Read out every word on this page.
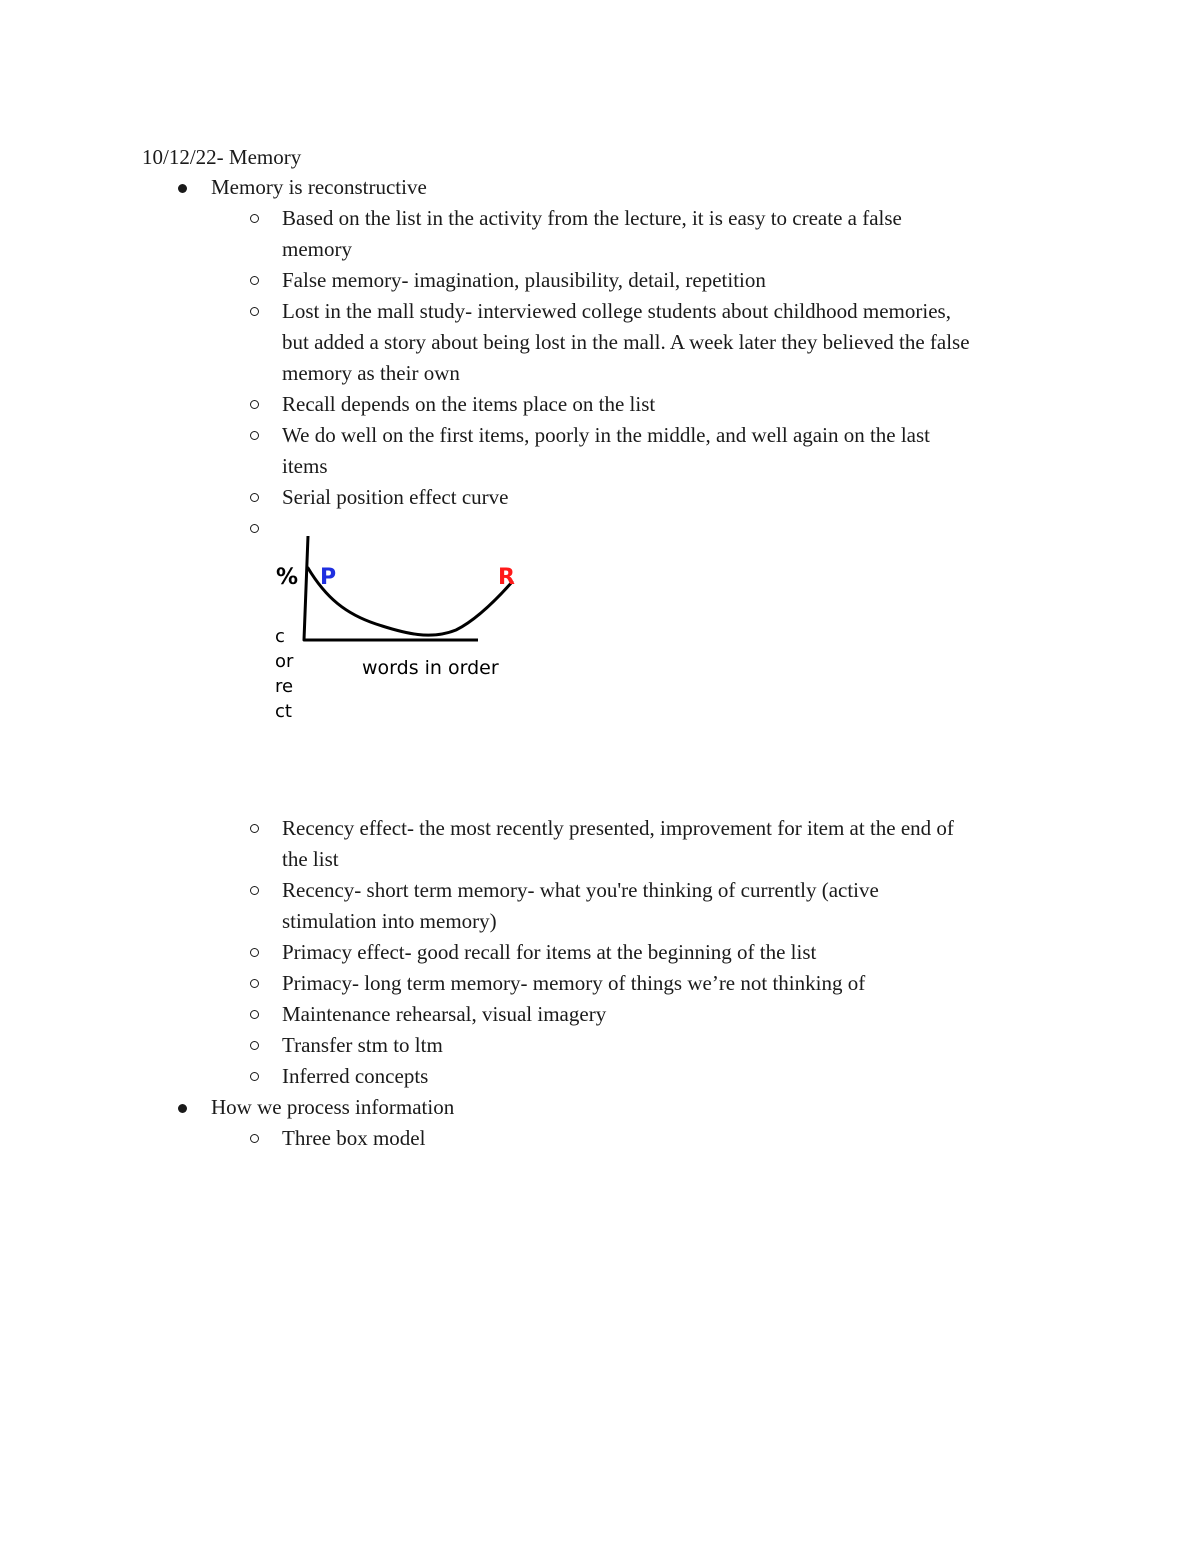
10/12/22- Memory
Memory is reconstructive
Based on the list in the activity from the lecture, it is easy to create a false
memory
False memory- imagination, plausibility, detail, repetition
Lost in the mall study- interviewed college students about childhood memories,
but added a story about being lost in the mall. A week later they believed the false
memory as their own
Recall depends on the items place on the list
We do well on the first items, poorly in the middle, and well again on the last
items
Serial position effect curve
% P	R
c
or
re
ct
words in order
Recency effect- the most recently presented, improvement for item at the end of
the list
Recency- short term memory- what you're thinking of currently (active
stimulation into memory)
Primacy effect- good recall for items at the beginning of the list
Primacy- long term memory- memory of things we’re not thinking of
Maintenance rehearsal, visual imagery
Transfer stm to ltm
Inferred concepts
How we process information
Three box model
